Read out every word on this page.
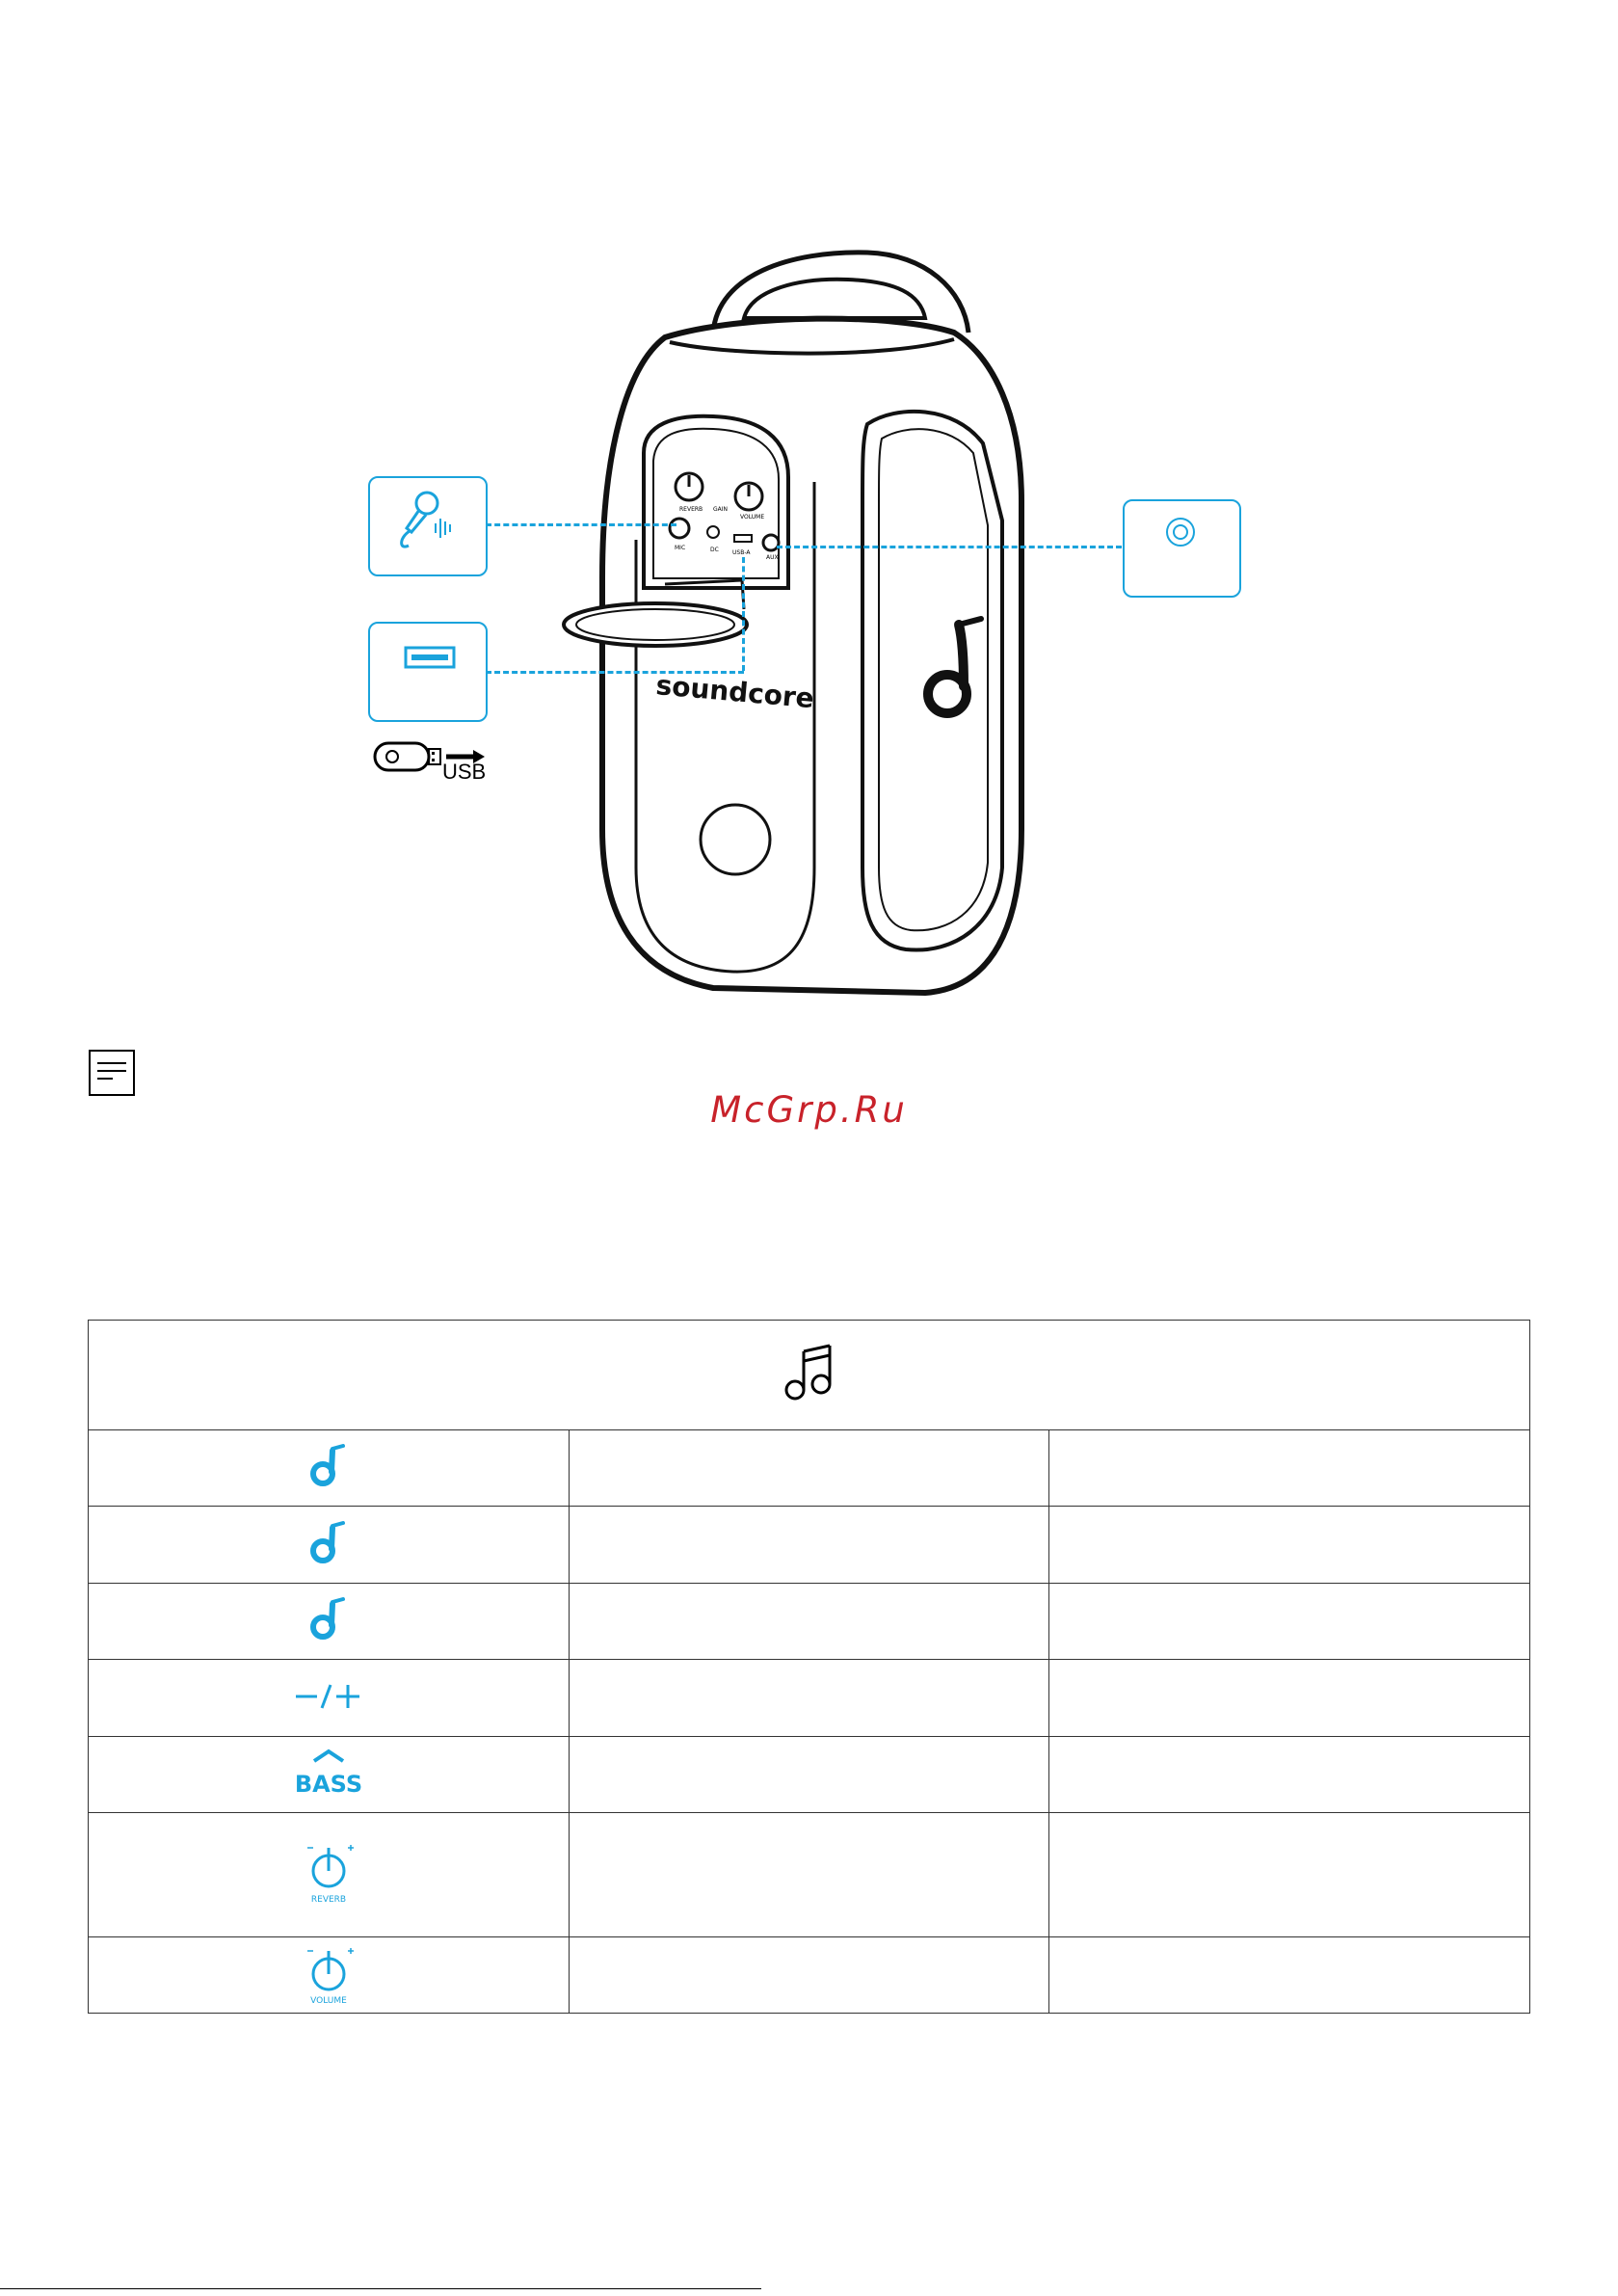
REVERB GAIN
VOLUME
MIC	DC USB-A
AUX
soundcore
USB
McGrp.Ru

BASS		

REVERB		

VOLUME		
